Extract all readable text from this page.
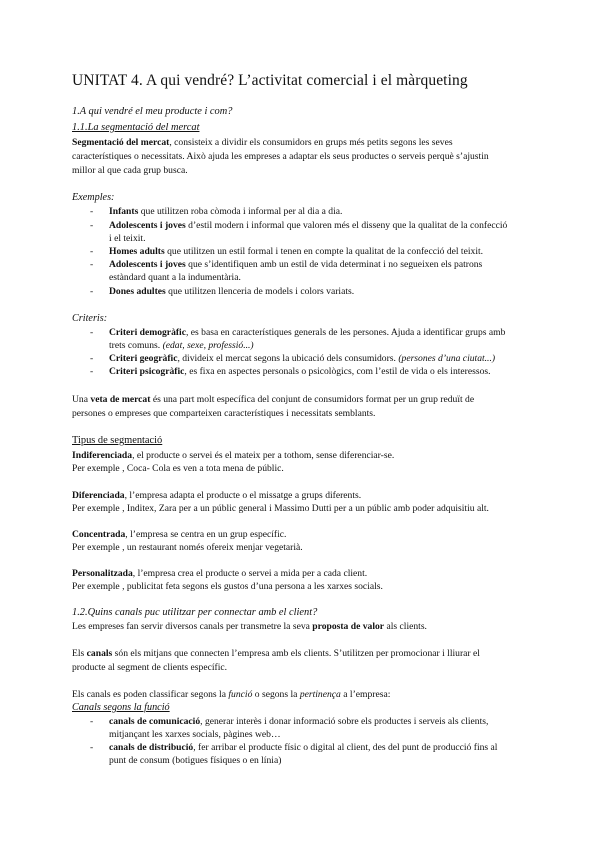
UNITAT 4. A qui vendré? L’activitat comercial i el màrqueting
1.A qui vendré el meu producte i com?
1.1.La segmentació del mercat
Segmentació del mercat, consisteix a dividir els consumidors en grups més petits segons les seves
característiques o necessitats. Això ajuda les empreses a adaptar els seus productes o serveis perquè s’ajustin
millor al que cada grup busca.
Exemples:
- Infants que utilitzen roba còmoda i informal per al dia a dia.
- Adolescents i joves d’estil modern i informal que valoren més el disseny que la qualitat de la confecció
i el teixit.
- Homes adults que utilitzen un estil formal i tenen en compte la qualitat de la confecció del teixit.
- Adolescents i joves que s’identifiquen amb un estil de vida determinat i no segueixen els patrons
estàndard quant a la indumentària.
- Dones adultes que utilitzen llenceria de models i colors variats.
Criteris:
- Criteri demogràfic, es basa en característiques generals de les persones. Ajuda a identificar grups amb
trets comuns. (edat, sexe, professió...)
- Criteri geogràfic, divideix el mercat segons la ubicació dels consumidors. (persones d’una ciutat...)
- Criteri psicogràfic, es fixa en aspectes personals o psicològics, com l’estil de vida o els interessos.
Una veta de mercat és una part molt específica del conjunt de consumidors format per un grup reduït de
persones o empreses que comparteixen característiques i necessitats semblants.
Tipus de segmentació
Indiferenciada, el producte o servei és el mateix per a tothom, sense diferenciar-se.
Per exemple , Coca- Cola es ven a tota mena de públic.
Diferenciada, l’empresa adapta el producte o el missatge a grups diferents.
Per exemple , Inditex, Zara per a un públic general i Massimo Dutti per a un públic amb poder adquisitiu alt.
Concentrada, l’empresa se centra en un grup específic.
Per exemple , un restaurant només ofereix menjar vegetarià.
Personalitzada, l’empresa crea el producte o servei a mida per a cada client.
Per exemple , publicitat feta segons els gustos d’una persona a les xarxes socials.
1.2.Quins canals puc utilitzar per connectar amb el client?
Les empreses fan servir diversos canals per transmetre la seva proposta de valor als clients.
Els canals són els mitjans que connecten l’empresa amb els clients. S’utilitzen per promocionar i lliurar el
producte al segment de clients específic.
Els canals es poden classificar segons la funció o segons la pertinença a l’empresa:
Canals segons la funció
- canals de comunicació, generar interès i donar informació sobre els productes i serveis als clients,
mitjançant les xarxes socials, pàgines web…
- canals de distribució, fer arribar el producte físic o digital al client, des del punt de producció fins al
punt de consum (botigues físiques o en línia)
